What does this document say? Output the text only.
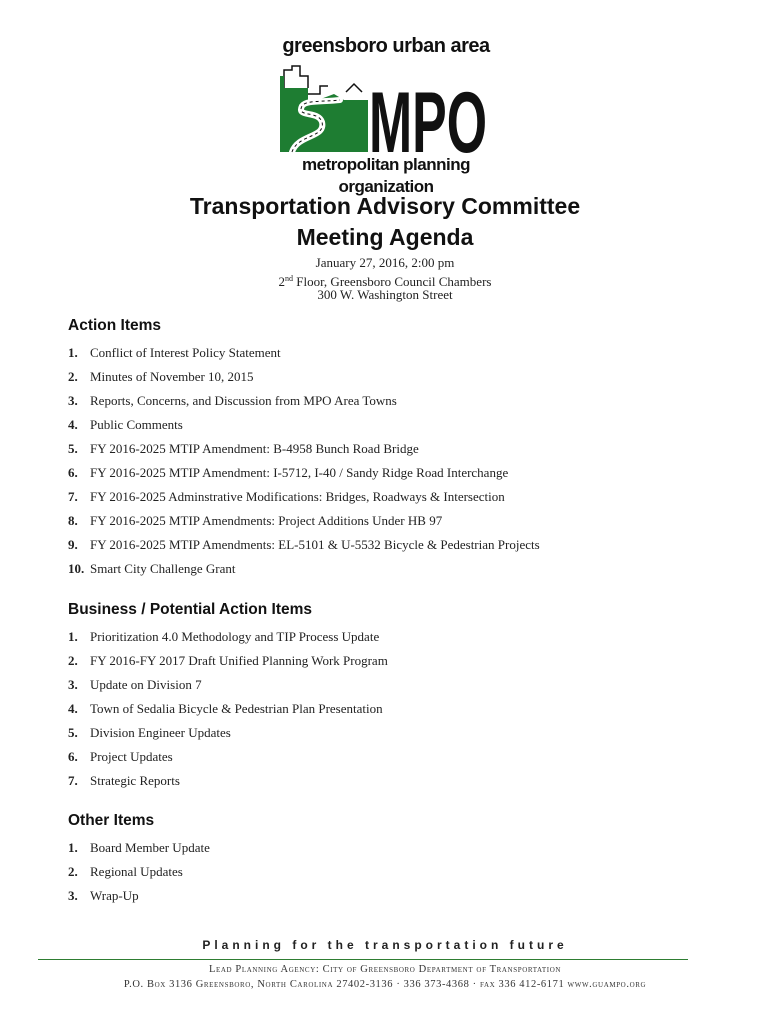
greensboro urban area
MPO
metropolitan planning organization
Transportation Advisory Committee
Meeting Agenda
January 27, 2016, 2:00 pm
2nd Floor, Greensboro Council Chambers
300 W. Washington Street
Action Items
1. Conflict of Interest Policy Statement
2. Minutes of November 10, 2015
3. Reports, Concerns, and Discussion from MPO Area Towns
4. Public Comments
5. FY 2016-2025 MTIP Amendment: B-4958 Bunch Road Bridge
6. FY 2016-2025 MTIP Amendment: I-5712, I-40 / Sandy Ridge Road Interchange
7. FY 2016-2025 Adminstrative Modifications: Bridges, Roadways & Intersection
8. FY 2016-2025 MTIP Amendments: Project Additions Under HB 97
9. FY 2016-2025 MTIP Amendments: EL-5101 & U-5532 Bicycle & Pedestrian Projects
10. Smart City Challenge Grant
Business / Potential Action Items
1. Prioritization 4.0 Methodology and TIP Process Update
2. FY 2016-FY 2017 Draft Unified Planning Work Program
3. Update on Division 7
4. Town of Sedalia Bicycle & Pedestrian Plan Presentation
5. Division Engineer Updates
6. Project Updates
7. Strategic Reports
Other Items
1. Board Member Update
2. Regional Updates
3. Wrap-Up
Planning for the transportation future
Lead Planning Agency: City of Greensboro Department of Transportation
P.O. Box 3136 Greensboro, North Carolina 27402-3136 · 336 373-4368 · fax 336 412-6171 www.guampo.org
